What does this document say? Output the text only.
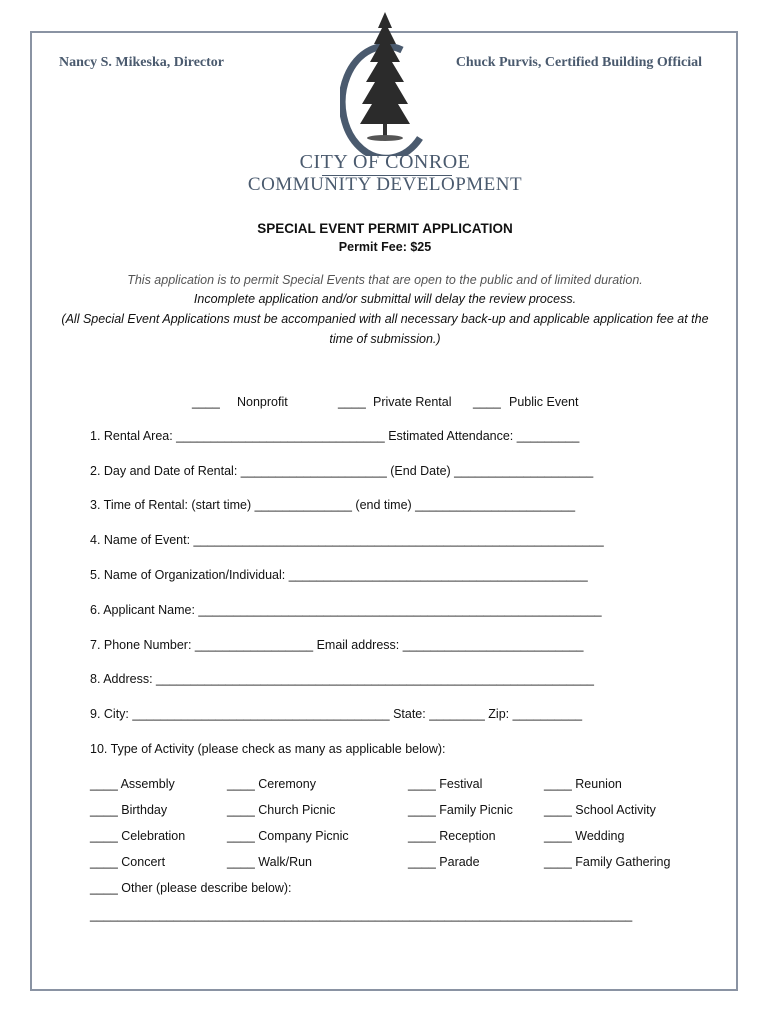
Nancy S. Mikeska, Director	Chuck Purvis, Certified Building Official
CITY OF CONROE
COMMUNITY DEVELOPMENT
SPECIAL EVENT PERMIT APPLICATION
Permit Fee: $25
This application is to permit Special Events that are open to the public and of limited duration.
Incomplete application and/or submittal will delay the review process.
(All Special Event Applications must be accompanied with all necessary back-up and applicable application fee at the time of submission.)
____ Nonprofit	____ Private Rental ____ Public Event
1. Rental Area: ______________________________ Estimated Attendance: _________
2. Day and Date of Rental: _____________________ (End Date) ____________________
3. Time of Rental: (start time) ______________ (end time) _______________________
4. Name of Event: ___________________________________________________________
5. Name of Organization/Individual: ___________________________________________
6. Applicant Name: __________________________________________________________
7. Phone Number: _________________ Email address: __________________________
8. Address: _______________________________________________________________
9. City: _____________________________________ State: ________ Zip: __________
10. Type of Activity (please check as many as applicable below):
____ Assembly	____ Ceremony	____ Festival	____ Reunion
____ Birthday	____ Church Picnic	____ Family Picnic ____ School Activity
____ Celebration	____ Company Picnic	____ Reception	____ Wedding
____ Concert	____ Walk/Run	____ Parade	____ Family Gathering
____ Other (please describe below):
______________________________________________________________________________
